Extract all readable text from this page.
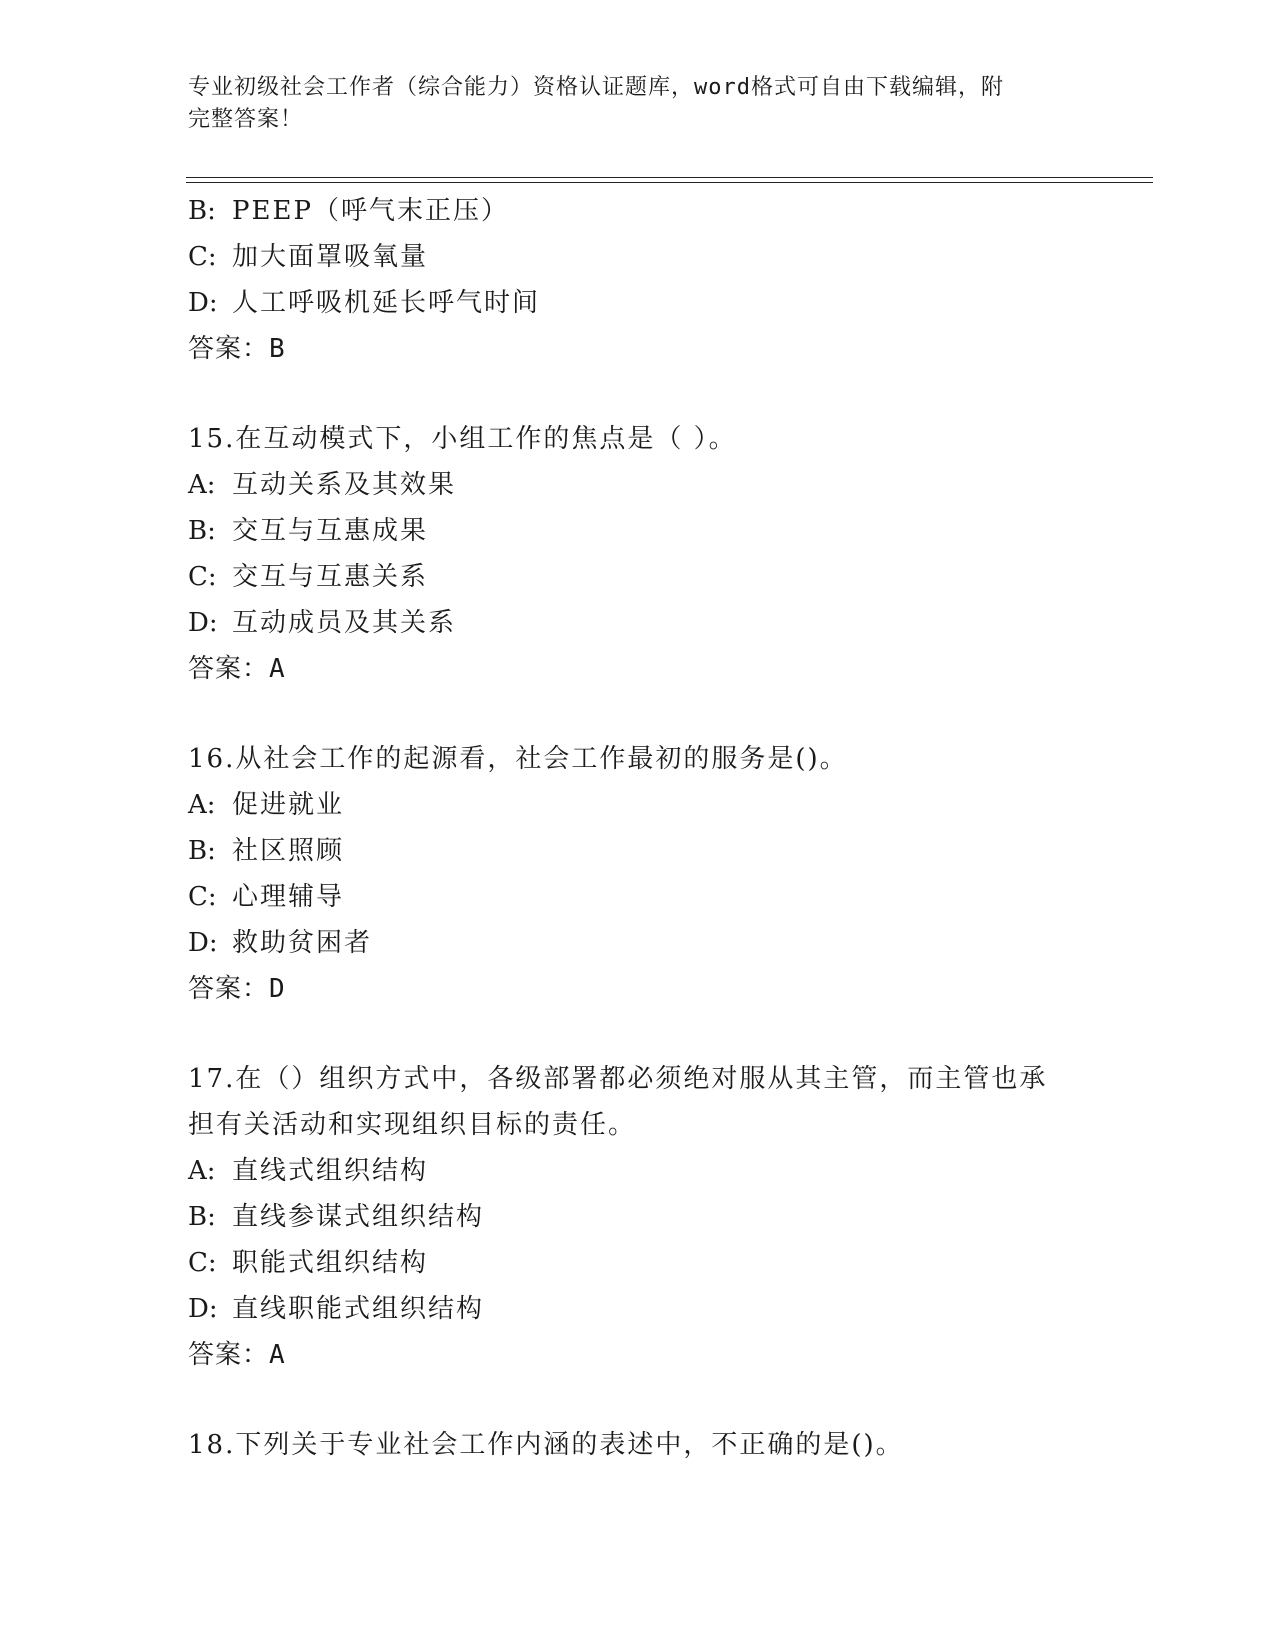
专业初级社会工作者（综合能力）资格认证题库，word格式可自由下载编辑，附
完整答案！
B: PEEP（呼气末正压）
C: 加大面罩吸氧量
D: 人工呼吸机延长呼气时间
答案：B
15.在互动模式下，小组工作的焦点是（ ）。
A: 互动关系及其效果
B: 交互与互惠成果
C: 交互与互惠关系
D: 互动成员及其关系
答案：A
16.从社会工作的起源看，社会工作最初的服务是()。
A: 促进就业
B: 社区照顾
C: 心理辅导
D: 救助贫困者
答案：D
17.在（）组织方式中，各级部署都必须绝对服从其主管，而主管也承
担有关活动和实现组织目标的责任。
A: 直线式组织结构
B: 直线参谋式组织结构
C: 职能式组织结构
D: 直线职能式组织结构
答案：A
18.下列关于专业社会工作内涵的表述中，不正确的是()。
